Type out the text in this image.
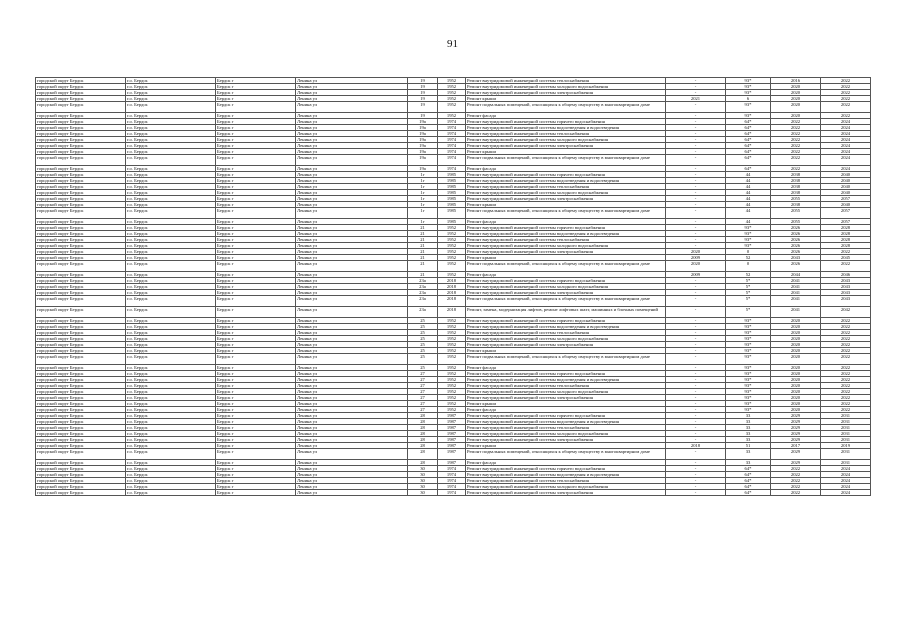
91
городской округ Бердск	г.о. Бердск	Бердск г	Ленина ул	19	1952	Ремонт внутридомовой инженерной системы теплоснабжения	-	93*	2016	2022
городской округ Бердск	г.о. Бердск	Бердск г	Ленина ул	19	1952	Ремонт внутридомовой инженерной системы холодного водоснабжения	-	93*	2020	2022
городской округ Бердск	г.о. Бердск	Бердск г	Ленина ул	19	1952	Ремонт внутридомовой инженерной системы электроснабжения	-	93*	2020	2022
городской округ Бердск	г.о. Бердск	Бердск г	Ленина ул	19	1952	Ремонт крыши	2021	6	2020	2022
городской округ Бердск	г.о. Бердск	Бердск г	Ленина ул	19	1952	Ремонт подвальных помещений, относящихся к общему имуществу в многоквартирном доме	-	93*	2020	2022
городской округ Бердск	г.о. Бердск	Бердск г	Ленина ул	19	1952	Ремонт фасада	-	93*	2020	2022
городской округ Бердск	г.о. Бердск	Бердск г	Ленина ул	19а	1974	Ремонт внутридомовой инженерной системы горячего водоснабжения	-	64*	2022	2024
городской округ Бердск	г.о. Бердск	Бердск г	Ленина ул	19а	1974	Ремонт внутридомовой инженерной системы водоотведения и водоотведения	-	64*	2022	2024
городской округ Бердск	г.о. Бердск	Бердск г	Ленина ул	19а	1974	Ремонт внутридомовой инженерной системы теплоснабжения	-	64*	2022	2024
городской округ Бердск	г.о. Бердск	Бердск г	Ленина ул	19а	1974	Ремонт внутридомовой инженерной системы холодного водоснабжения	-	64*	2022	2024
городской округ Бердск	г.о. Бердск	Бердск г	Ленина ул	19а	1974	Ремонт внутридомовой инженерной системы электроснабжения	-	64*	2022	2024
городской округ Бердск	г.о. Бердск	Бердск г	Ленина ул	19а	1974	Ремонт крыши	-	64*	2022	2024
городской округ Бердск	г.о. Бердск	Бердск г	Ленина ул	19а	1974	Ремонт подвальных помещений, относящихся к общему имуществу в многоквартирном доме	-	64*	2022	2024
городской округ Бердск	г.о. Бердск	Бердск г	Ленина ул	19а	1974	Ремонт фасада	-	64*	2022	2024
городской округ Бердск	г.о. Бердск	Бердск г	Ленина ул	1г	1985	Ремонт внутридомовой инженерной системы горячего водоснабжения	-	44	2038	2040
городской округ Бердск	г.о. Бердск	Бердск г	Ленина ул	1г	1985	Ремонт внутридомовой инженерной системы водоотведения и водоотведения	-	44	2038	2040
городской округ Бердск	г.о. Бердск	Бердск г	Ленина ул	1г	1985	Ремонт внутридомовой инженерной системы теплоснабжения	-	44	2038	2040
городской округ Бердск	г.о. Бердск	Бердск г	Ленина ул	1г	1985	Ремонт внутридомовой инженерной системы холодного водоснабжения	-	44	2038	2040
городской округ Бердск	г.о. Бердск	Бердск г	Ленина ул	1г	1985	Ремонт внутридомовой инженерной системы электроснабжения	-	44	2055	2057
городской округ Бердск	г.о. Бердск	Бердск г	Ленина ул	1г	1985	Ремонт крыши	-	44	2038	2040
городской округ Бердск	г.о. Бердск	Бердск г	Ленина ул	1г	1985	Ремонт подвальных помещений, относящихся к общему имуществу в многоквартирном доме	-	44	2055	2057
городской округ Бердск	г.о. Бердск	Бердск г	Ленина ул	1г	1985	Ремонт фасада	-	44	2055	2057
городской округ Бердск	г.о. Бердск	Бердск г	Ленина ул	21	1952	Ремонт внутридомовой инженерной системы горячего водоснабжения	-	93*	2026	2028
городской округ Бердск	г.о. Бердск	Бердск г	Ленина ул	21	1952	Ремонт внутридомовой инженерной системы водоотведения и водоотведения	-	93*	2026	2028
городской округ Бердск	г.о. Бердск	Бердск г	Ленина ул	21	1952	Ремонт внутридомовой инженерной системы теплоснабжения	-	93*	2026	2028
городской округ Бердск	г.о. Бердск	Бердск г	Ленина ул	21	1952	Ремонт внутридомовой инженерной системы холодного водоснабжения	-	93*	2026	2028
городской округ Бердск	г.о. Бердск	Бердск г	Ленина ул	21	1952	Ремонт внутридомовой инженерной системы электроснабжения	2020	0	2026	2022
городской округ Бердск	г.о. Бердск	Бердск г	Ленина ул	21	1952	Ремонт крыши	2009	52	2043	2045
городской округ Бердск	г.о. Бердск	Бердск г	Ленина ул	21	1952	Ремонт подвальных помещений, относящихся к общему имуществу в многоквартирном доме	2020	0	2026	2022
городской округ Бердск	г.о. Бердск	Бердск г	Ленина ул	21	1952	Ремонт фасада	2009	52	2044	2046
городской округ Бердск	г.о. Бердск	Бердск г	Ленина ул	23а	2018	Ремонт внутридомовой инженерной системы горячего водоснабжения	-	5*	2041	2043
городской округ Бердск	г.о. Бердск	Бердск г	Ленина ул	23а	2018	Ремонт внутридомовой инженерной системы холодного водоснабжения	-	5*	2041	2043
городской округ Бердск	г.о. Бердск	Бердск г	Ленина ул	23а	2018	Ремонт внутридомовой инженерной системы электроснабжения	-	5*	2041	2043
городской округ Бердск	г.о. Бердск	Бердск г	Ленина ул	23а	2018	Ремонт подвальных помещений, относящихся к общему имуществу в многоквартирном доме	-	5*	2041	2043
городской округ Бердск	г.о. Бердск	Бердск г	Ленина ул	23а	2018	Ремонт, замена, модернизация лифтов, ремонт лифтовых шахт, машинных и блочных помещений	-	5*	2041	2042
городской округ Бердск	г.о. Бердск	Бердск г	Ленина ул	25	1952	Ремонт внутридомовой инженерной системы горячего водоснабжения	-	93*	2020	2022
городской округ Бердск	г.о. Бердск	Бердск г	Ленина ул	25	1952	Ремонт внутридомовой инженерной системы водоотведения и водоотведения	-	93*	2020	2022
городской округ Бердск	г.о. Бердск	Бердск г	Ленина ул	25	1952	Ремонт внутридомовой инженерной системы теплоснабжения	-	93*	2020	2022
городской округ Бердск	г.о. Бердск	Бердск г	Ленина ул	25	1952	Ремонт внутридомовой инженерной системы холодного водоснабжения	-	93*	2020	2022
городской округ Бердск	г.о. Бердск	Бердск г	Ленина ул	25	1952	Ремонт внутридомовой инженерной системы электроснабжения	-	93*	2020	2022
городской округ Бердск	г.о. Бердск	Бердск г	Ленина ул	25	1952	Ремонт крыши	-	93*	2020	2022
городской округ Бердск	г.о. Бердск	Бердск г	Ленина ул	25	1952	Ремонт подвальных помещений, относящихся к общему имуществу в многоквартирном доме	-	93*	2020	2022
городской округ Бердск	г.о. Бердск	Бердск г	Ленина ул	25	1952	Ремонт фасада	-	93*	2020	2022
городской округ Бердск	г.о. Бердск	Бердск г	Ленина ул	27	1952	Ремонт внутридомовой инженерной системы горячего водоснабжения	-	93*	2020	2022
городской округ Бердск	г.о. Бердск	Бердск г	Ленина ул	27	1952	Ремонт внутридомовой инженерной системы водоотведения и водоотведения	-	93*	2020	2022
городской округ Бердск	г.о. Бердск	Бердск г	Ленина ул	27	1952	Ремонт внутридомовой инженерной системы теплоснабжения	-	93*	2020	2022
городской округ Бердск	г.о. Бердск	Бердск г	Ленина ул	27	1952	Ремонт внутридомовой инженерной системы холодного водоснабжения	-	93*	2020	2022
городской округ Бердск	г.о. Бердск	Бердск г	Ленина ул	27	1952	Ремонт внутридомовой инженерной системы электроснабжения	-	93*	2020	2022
городской округ Бердск	г.о. Бердск	Бердск г	Ленина ул	27	1952	Ремонт крыши	-	93*	2020	2022
городской округ Бердск	г.о. Бердск	Бердск г	Ленина ул	27	1952	Ремонт фасада	-	93*	2020	2022
городской округ Бердск	г.о. Бердск	Бердск г	Ленина ул	28	1987	Ремонт внутридомовой инженерной системы горячего водоснабжения	-	33	2029	2031
городской округ Бердск	г.о. Бердск	Бердск г	Ленина ул	28	1987	Ремонт внутридомовой инженерной системы водоотведения и водоотведения	-	33	2029	2031
городской округ Бердск	г.о. Бердск	Бердск г	Ленина ул	28	1987	Ремонт внутридомовой инженерной системы теплоснабжения	-	33	2029	2031
городской округ Бердск	г.о. Бердск	Бердск г	Ленина ул	28	1987	Ремонт внутридомовой инженерной системы холодного водоснабжения	-	33	2029	2031
городской округ Бердск	г.о. Бердск	Бердск г	Ленина ул	28	1987	Ремонт внутридомовой инженерной системы электроснабжения	-	33	2029	2031
городской округ Бердск	г.о. Бердск	Бердск г	Ленина ул	28	1987	Ремонт крыши	2018	51	2017	2019
городской округ Бердск	г.о. Бердск	Бердск г	Ленина ул	28	1987	Ремонт подвальных помещений, относящихся к общему имуществу в многоквартирном доме	-	33	2029	2031
городской округ Бердск	г.о. Бердск	Бердск г	Ленина ул	28	1987	Ремонт фасада	-	33	2029	2031
городской округ Бердск	г.о. Бердск	Бердск г	Ленина ул	30	1974	Ремонт внутридомовой инженерной системы горячего водоснабжения	-	64*	2022	2024
городской округ Бердск	г.о. Бердск	Бердск г	Ленина ул	30	1974	Ремонт внутридомовой инженерной системы водоотведения и водоотведения	-	64*	2022	2024
городской округ Бердск	г.о. Бердск	Бердск г	Ленина ул	30	1974	Ремонт внутридомовой инженерной системы теплоснабжения	-	64*	2022	2024
городской округ Бердск	г.о. Бердск	Бердск г	Ленина ул	30	1974	Ремонт внутридомовой инженерной системы холодного водоснабжения	-	64*	2022	2024
городской округ Бердск	г.о. Бердск	Бердск г	Ленина ул	30	1974	Ремонт внутридомовой инженерной системы электроснабжения	-	64*	2022	2024
